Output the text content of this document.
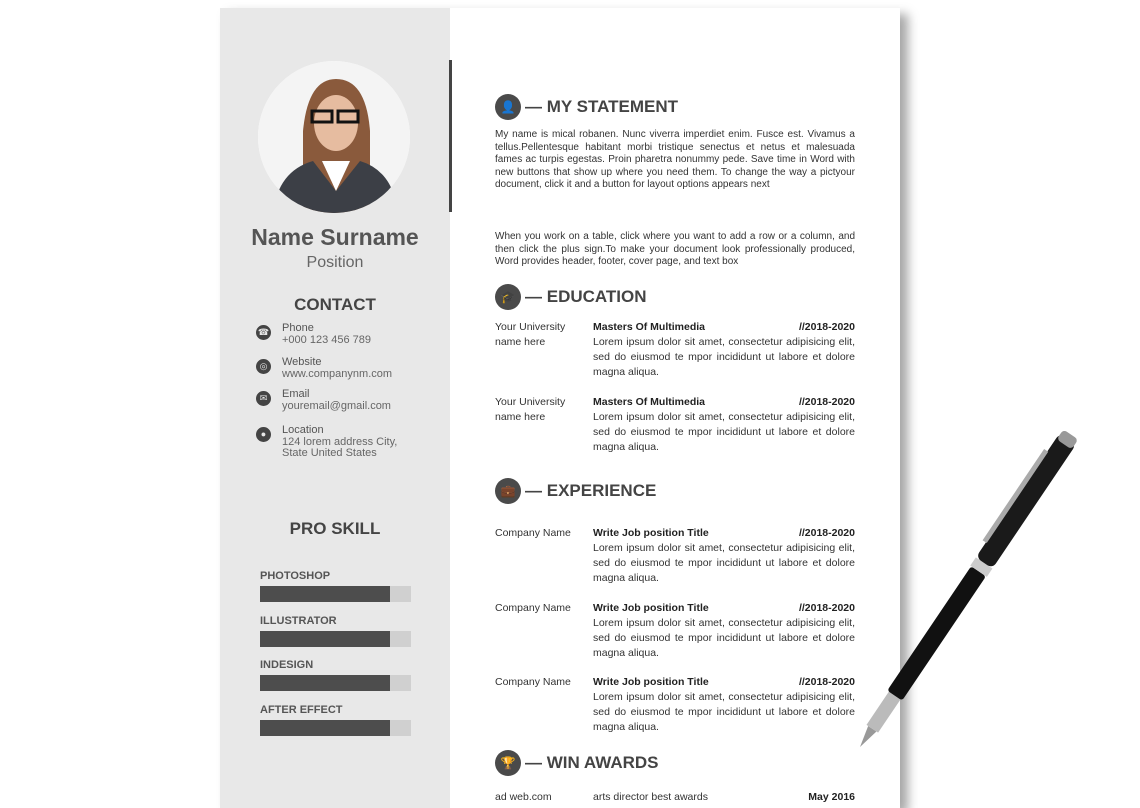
Name Surname
Position
CONTACT
☎ Phone
+000 123 456 789
◎	Website
www.companynm.com
✉	Email
youremail@gmail.com
●	Location
124 lorem address City,
State United States
PRO SKILL
PHOTOSHOP
ILLUSTRATOR
INDESIGN
AFTER EFFECT
👤 — MY STATEMENT
My name is mical robanen. Nunc viverra imperdiet enim. Fusce est. Vivamus a tellus.Pellentesque habitant morbi tristique senectus et netus et malesuada fames ac turpis egestas. Proin pharetra nonummy pede. Save time in Word with new buttons that show up where you need them. To change the way a pictyour document, click it and a button for layout options appears next
When you work on a table, click where you want to add a row or a column, and then click the plus sign.To make your document look professionally produced, Word provides header, footer, cover page, and text box
🎓 — EDUCATION
Your University name here
Masters Of Multimedia	//2018-2020
Lorem ipsum dolor sit amet, consectetur adipisicing elit, sed do eiusmod te mpor incididunt ut labore et dolore magna aliqua.
Your University name here
Masters Of Multimedia	//2018-2020
Lorem ipsum dolor sit amet, consectetur adipisicing elit, sed do eiusmod te mpor incididunt ut labore et dolore magna aliqua.
💼 — EXPERIENCE
Company Name	Write Job position Title	//2018-2020
Lorem ipsum dolor sit amet, consectetur adipisicing elit, sed do eiusmod te mpor incididunt ut labore et dolore magna aliqua.
Company Name	Write Job position Title	//2018-2020
Lorem ipsum dolor sit amet, consectetur adipisicing elit, sed do eiusmod te mpor incididunt ut labore et dolore magna aliqua.
Company Name	Write Job position Title	//2018-2020
Lorem ipsum dolor sit amet, consectetur adipisicing elit, sed do eiusmod te mpor incididunt ut labore et dolore magna aliqua.
🏆 — WIN AWARDS
ad web.com	arts director best awards	May 2016
